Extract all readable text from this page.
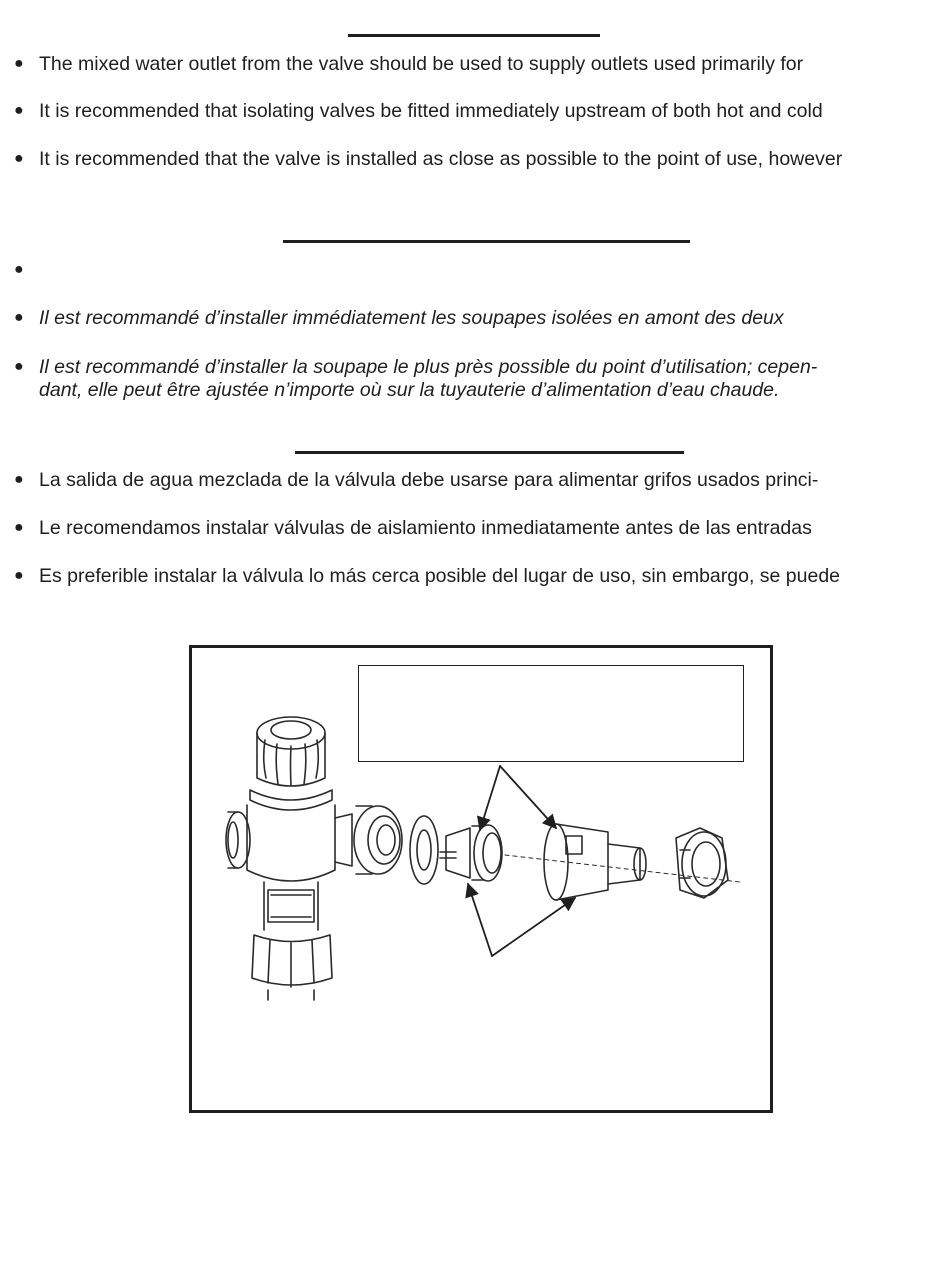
● The mixed water outlet from the valve should be used to supply outlets used primarily for
● It is recommended that isolating valves be fitted immediately upstream of both hot and cold
● It is recommended that the valve is installed as close as possible to the point of use, however
●
● Il est recommandé d’installer immédiatement les soupapes isolées en amont des deux
● Il est recommandé d’installer la soupape le plus près possible du point d’utilisation; cepen-
dant, elle peut être ajustée n’importe où sur la tuyauterie d’alimentation d’eau chaude.
● La salida de agua mezclada de la válvula debe usarse para alimentar grifos usados princi-
● Le recomendamos instalar válvulas de aislamiento inmediatamente antes de las entradas
● Es preferible instalar la válvula lo más cerca posible del lugar de uso, sin embargo, se puede
